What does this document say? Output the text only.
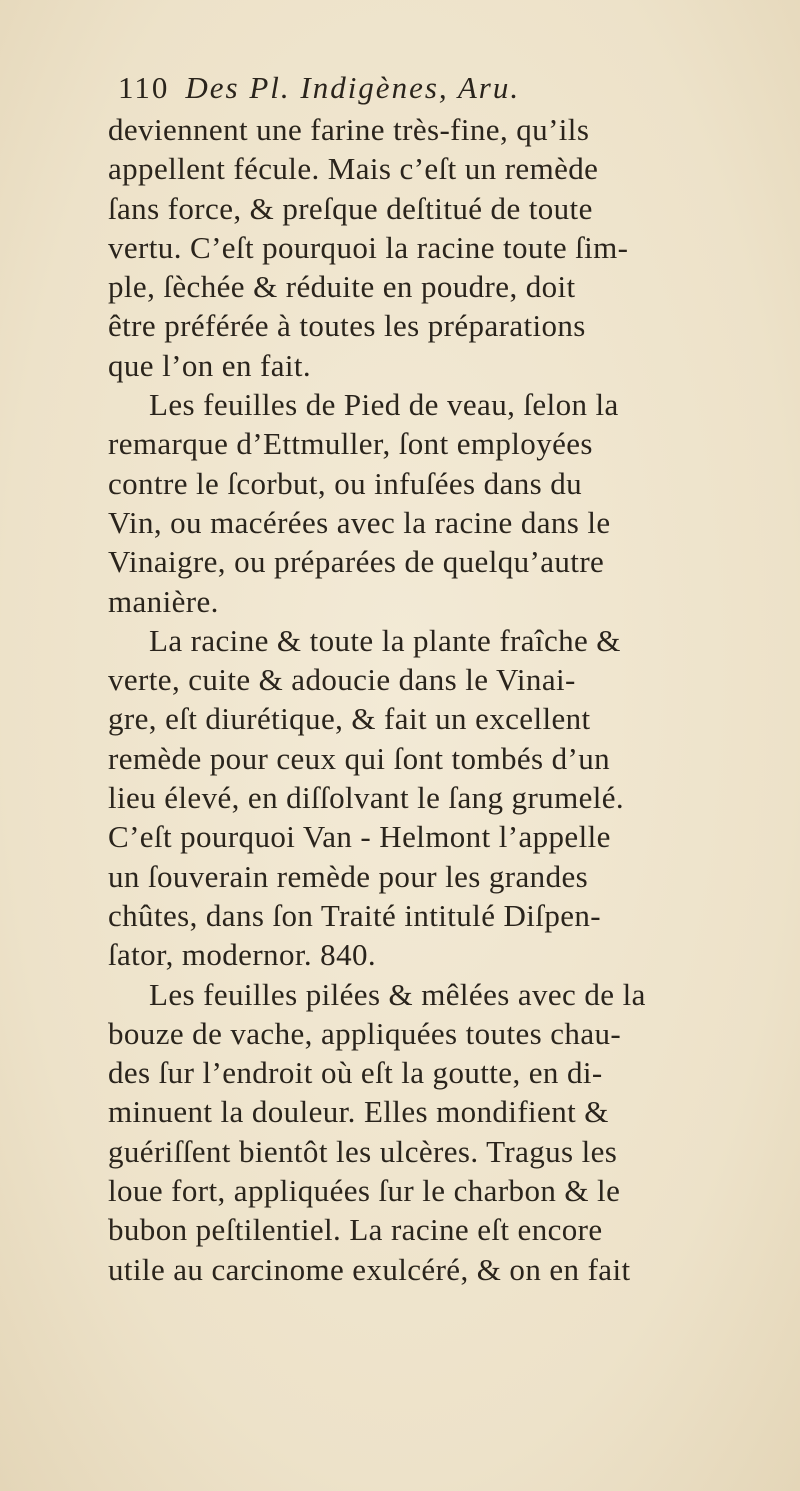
110 Des Pl. Indigènes, Aru.
deviennent une farine très-fine, qu’ils
appellent fécule. Mais c’eſt un remède
ſans force, & preſque deſtitué de toute
vertu. C’eſt pourquoi la racine toute ſim-
ple, ſèchée & réduite en poudre, doit
être préférée à toutes les préparations
que l’on en fait.
Les feuilles de Pied de veau, ſelon la
remarque d’Ettmuller, ſont employées
contre le ſcorbut, ou infuſées dans du
Vin, ou macérées avec la racine dans le
Vinaigre, ou préparées de quelqu’autre
manière.
La racine & toute la plante fraîche &
verte, cuite & adoucie dans le Vinai-
gre, eſt diurétique, & fait un excellent
remède pour ceux qui ſont tombés d’un
lieu élevé, en diſſolvant le ſang grumelé.
C’eſt pourquoi Van - Helmont l’appelle
un ſouverain remède pour les grandes
chûtes, dans ſon Traité intitulé Diſpen-
ſator, modernor. 840.
Les feuilles pilées & mêlées avec de la
bouze de vache, appliquées toutes chau-
des ſur l’endroit où eſt la goutte, en di-
minuent la douleur. Elles mondifient &
guériſſent bientôt les ulcères. Tragus les
loue fort, appliquées ſur le charbon & le
bubon peſtilentiel. La racine eſt encore
utile au carcinome exulcéré, & on en fait
